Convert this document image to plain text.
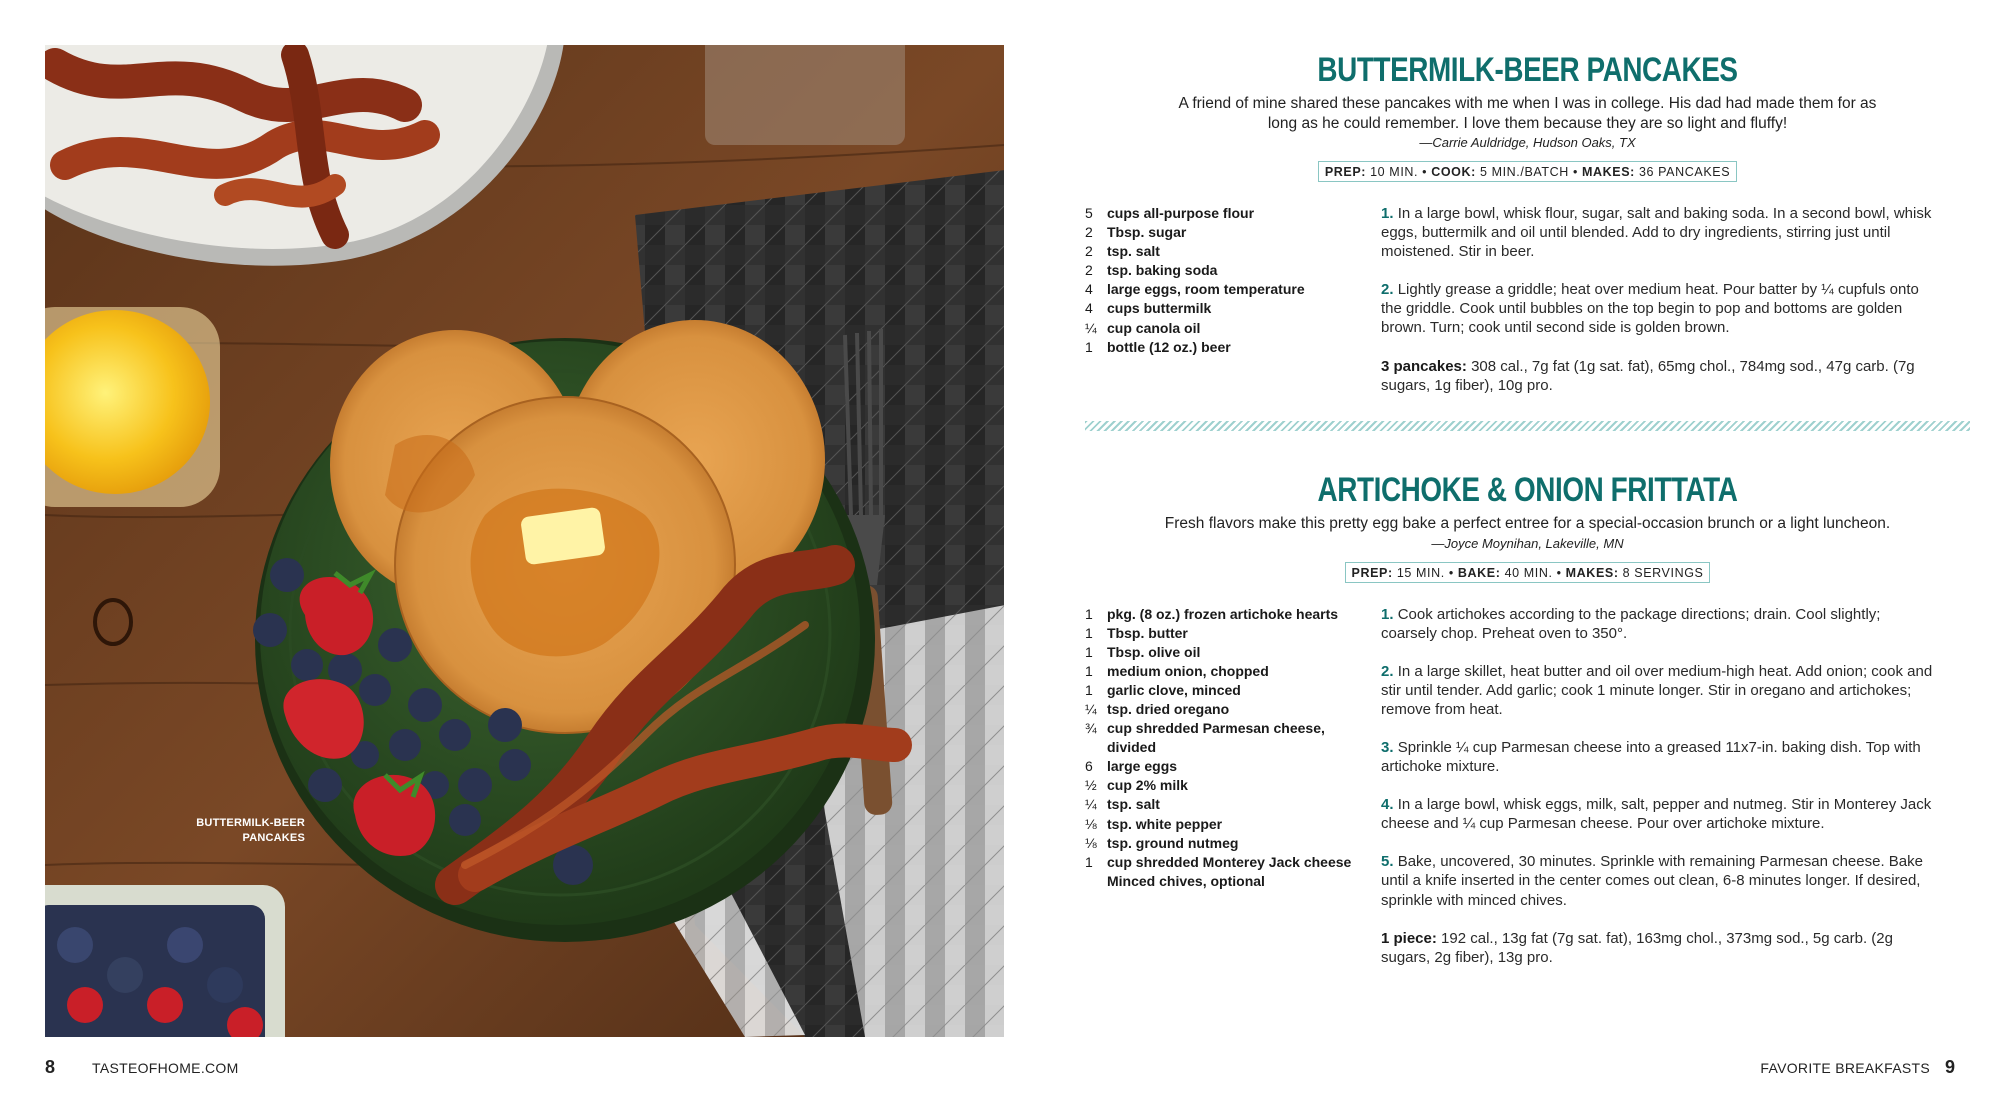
BUTTERMILK-BEER
PANCAKES
BUTTERMILK-BEER PANCAKES

A friend of mine shared these pancakes with me when I was in college. His dad had made them for as long as he could remember. I love them because they are so light and fluffy!

—Carrie Auldridge, Hudson Oaks, TX

PREP: 10 MIN. • COOK: 5 MIN./BATCH • MAKES: 36 PANCAKES
5	cups all-purpose flour
2	Tbsp. sugar
2	tsp. salt
2	tsp. baking soda
4	large eggs, room temperature
4	cups buttermilk
¼ cup canola oil
1	bottle (12 oz.) beer

1. In a large bowl, whisk flour, sugar, salt and baking soda. In a second bowl, whisk eggs, buttermilk and oil until blended. Add to dry ingredients, stirring just until moistened. Stir in beer.

2. Lightly grease a griddle; heat over medium heat. Pour batter by ¼ cupfuls onto the griddle. Cook until bubbles on the top begin to pop and bottoms are golden brown. Turn; cook until second side is golden brown.

3 pancakes: 308 cal., 7g fat (1g sat. fat), 65mg chol., 784mg sod., 47g carb. (7g sugars, 1g fiber), 10g pro.

ARTICHOKE & ONION FRITTATA

Fresh flavors make this pretty egg bake a perfect entree for a special-occasion brunch or a light luncheon.

—Joyce Moynihan, Lakeville, MN

PREP: 15 MIN. • BAKE: 40 MIN. • MAKES: 8 SERVINGS
1	pkg. (8 oz.) frozen artichoke hearts
1	Tbsp. butter
1	Tbsp. olive oil
1	medium onion, chopped
1	garlic clove, minced
¼ tsp. dried oregano
¾ cup shredded Parmesan cheese, divided
6	large eggs
½ cup 2% milk
¼ tsp. salt
⅛ tsp. white pepper
⅛ tsp. ground nutmeg
1	cup shredded Monterey Jack cheese
Minced chives, optional

1. Cook artichokes according to the package directions; drain. Cool slightly; coarsely chop. Preheat oven to 350°.

2. In a large skillet, heat butter and oil over medium-high heat. Add onion; cook and stir until tender. Add garlic; cook 1 minute longer. Stir in oregano and artichokes; remove from heat.

3. Sprinkle ¼ cup Parmesan cheese into a greased 11x7-in. baking dish. Top with artichoke mixture.

4. In a large bowl, whisk eggs, milk, salt, pepper and nutmeg. Stir in Monterey Jack cheese and ¼ cup Parmesan cheese. Pour over artichoke mixture.

5. Bake, uncovered, 30 minutes. Sprinkle with remaining Parmesan cheese. Bake until a knife inserted in the center comes out clean, 6-8 minutes longer. If desired, sprinkle with minced chives.

1 piece: 192 cal., 13g fat (7g sat. fat), 163mg chol., 373mg sod., 5g carb. (2g sugars, 2g fiber), 13g pro.

8	TASTEOFHOME.COM	FAVORITE BREAKFASTS 9
